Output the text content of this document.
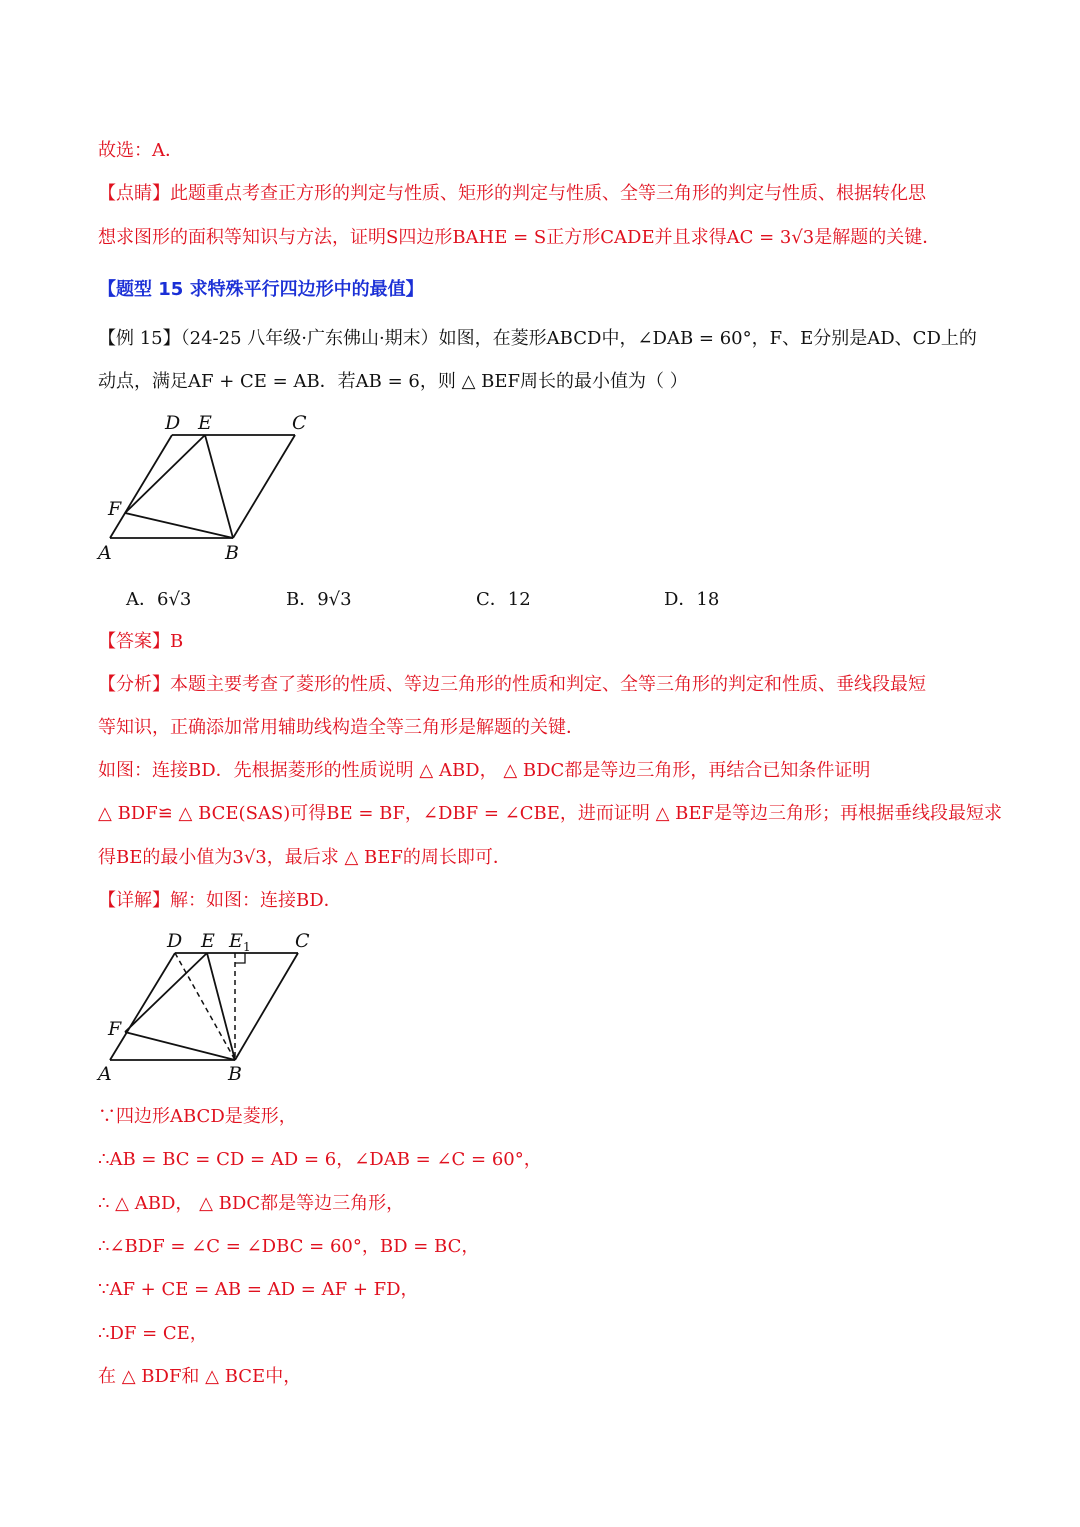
故选：A．
【点睛】此题重点考查正方形的判定与性质、矩形的判定与性质、全等三角形的判定与性质、根据转化思
想求图形的面积等知识与方法，证明S四边形BAHE = S正方形CADE并且求得AC = 3√3是解题的关键．
【题型 15 求特殊平行四边形中的最值】
【例 15】（24-25 八年级·广东佛山·期末）如图，在菱形ABCD中，∠DAB = 60°，F、E分别是AD、CD上的
动点，满足AF + CE = AB．若AB = 6，则 △ BEF周长的最小值为（ ）
A	B
C
D E
F
A．6√3	B．9√3	C．12	D．18
【答案】B
【分析】本题主要考查了菱形的性质、等边三角形的性质和判定、全等三角形的判定和性质、垂线段最短
等知识，正确添加常用辅助线构造全等三角形是解题的关键．
如图：连接BD．先根据菱形的性质说明 △ ABD， △ BDC都是等边三角形，再结合已知条件证明
△ BDF≌ △ BCE(SAS)可得BE = BF，∠DBF = ∠CBE，进而证明 △ BEF是等边三角形；再根据垂线段最短求
得BE的最小值为3√3，最后求 △ BEF的周长即可．
【详解】解：如图：连接BD．
A	B
C
D E E 1
F
∵四边形ABCD是菱形，
∴AB = BC = CD = AD = 6，∠DAB = ∠C = 60°，
∴ △ ABD， △ BDC都是等边三角形，
∴∠BDF = ∠C = ∠DBC = 60°，BD = BC，
∵AF + CE = AB = AD = AF + FD，
∴DF = CE，
在 △ BDF和 △ BCE中，
